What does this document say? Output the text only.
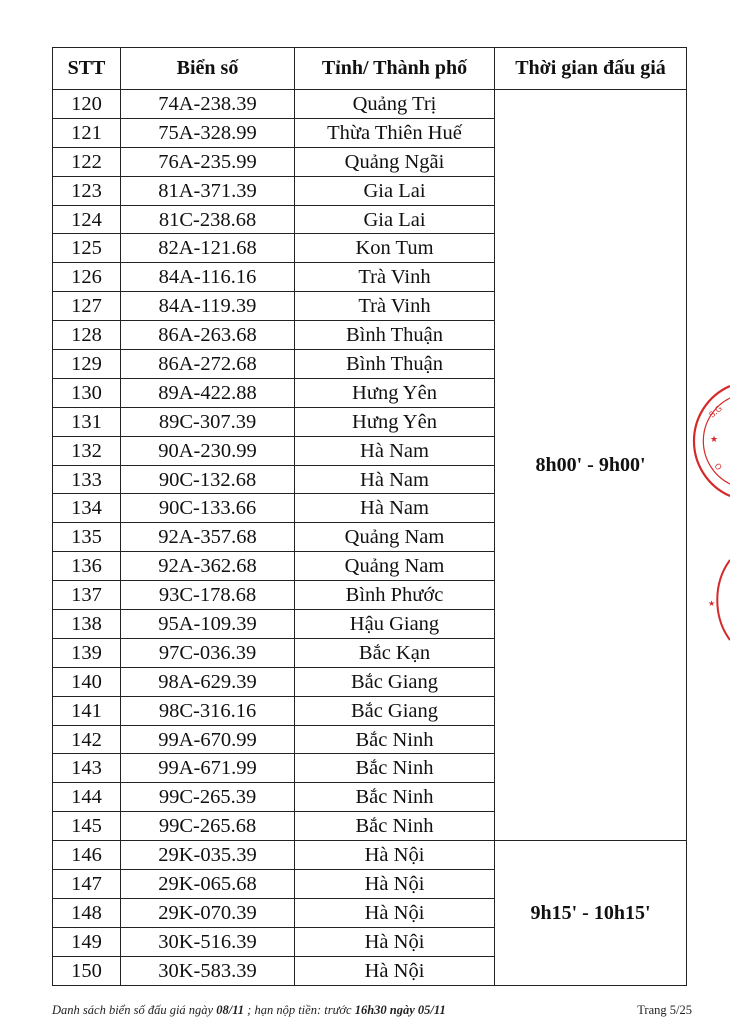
STT	Biển số	Tỉnh/ Thành phố	Thời gian đấu giá
120	74A-238.39	Quảng Trị	8h00' - 9h00'
121	75A-328.99	Thừa Thiên Huế	
122	76A-235.99	Quảng Ngãi	
123	81A-371.39	Gia Lai	
124	81C-238.68	Gia Lai	
125	82A-121.68	Kon Tum	
126	84A-116.16	Trà Vinh	
127	84A-119.39	Trà Vinh	
128	86A-263.68	Bình Thuận	
129	86A-272.68	Bình Thuận	
130	89A-422.88	Hưng Yên	
131	89C-307.39	Hưng Yên	
132	90A-230.99	Hà Nam	
133	90C-132.68	Hà Nam	
134	90C-133.66	Hà Nam	
135	92A-357.68	Quảng Nam	
136	92A-362.68	Quảng Nam	
137	93C-178.68	Bình Phước	
138	95A-109.39	Hậu Giang	
139	97C-036.39	Bắc Kạn	
140	98A-629.39	Bắc Giang	
141	98C-316.16	Bắc Giang	
142	99A-670.99	Bắc Ninh	
143	99A-671.99	Bắc Ninh	
144	99C-265.39	Bắc Ninh	
145	99C-265.68	Bắc Ninh	
146	29K-035.39	Hà Nội	9h15' - 10h15'
147	29K-065.68	Hà Nội	
148	29K-070.39	Hà Nội	
149	30K-516.39	Hà Nội	
150	30K-583.39	Hà Nội	
Danh sách biển số đấu giá ngày 08/11 ; hạn nộp tiền: trước 16h30 ngày 05/11	Trang 5/25
S.G
★
O
★
